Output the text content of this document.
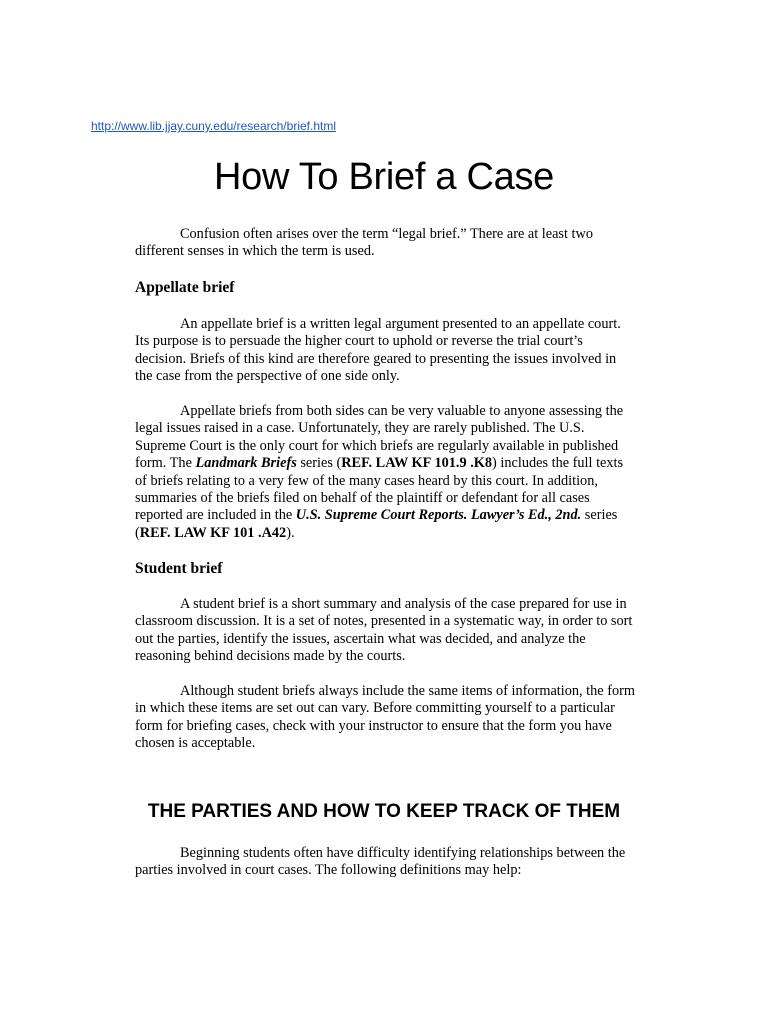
http://www.lib.jjay.cuny.edu/research/brief.html
How To Brief a Case

Confusion often arises over the term “legal brief.” There are at least two different senses in which the term is used.

Appellate brief

An appellate brief is a written legal argument presented to an appellate court. Its purpose is to persuade the higher court to uphold or reverse the trial court’s decision. Briefs of this kind are therefore geared to presenting the issues involved in the case from the perspective of one side only.

Appellate briefs from both sides can be very valuable to anyone assessing the legal issues raised in a case. Unfortunately, they are rarely published. The U.S. Supreme Court is the only court for which briefs are regularly available in published form. The Landmark Briefs series (REF. LAW KF 101.9 .K8) includes the full texts of briefs relating to a very few of the many cases heard by this court. In addition, summaries of the briefs filed on behalf of the plaintiff or defendant for all cases reported are included in the U.S. Supreme Court Reports. Lawyer’s Ed., 2nd. series (REF. LAW KF 101 .A42).

Student brief

A student brief is a short summary and analysis of the case prepared for use in classroom discussion. It is a set of notes, presented in a systematic way, in order to sort out the parties, identify the issues, ascertain what was decided, and analyze the reasoning behind decisions made by the courts.

Although student briefs always include the same items of information, the form in which these items are set out can vary. Before committing yourself to a particular form for briefing cases, check with your instructor to ensure that the form you have chosen is acceptable.

THE PARTIES AND HOW TO KEEP TRACK OF THEM

Beginning students often have difficulty identifying relationships between the parties involved in court cases. The following definitions may help:
